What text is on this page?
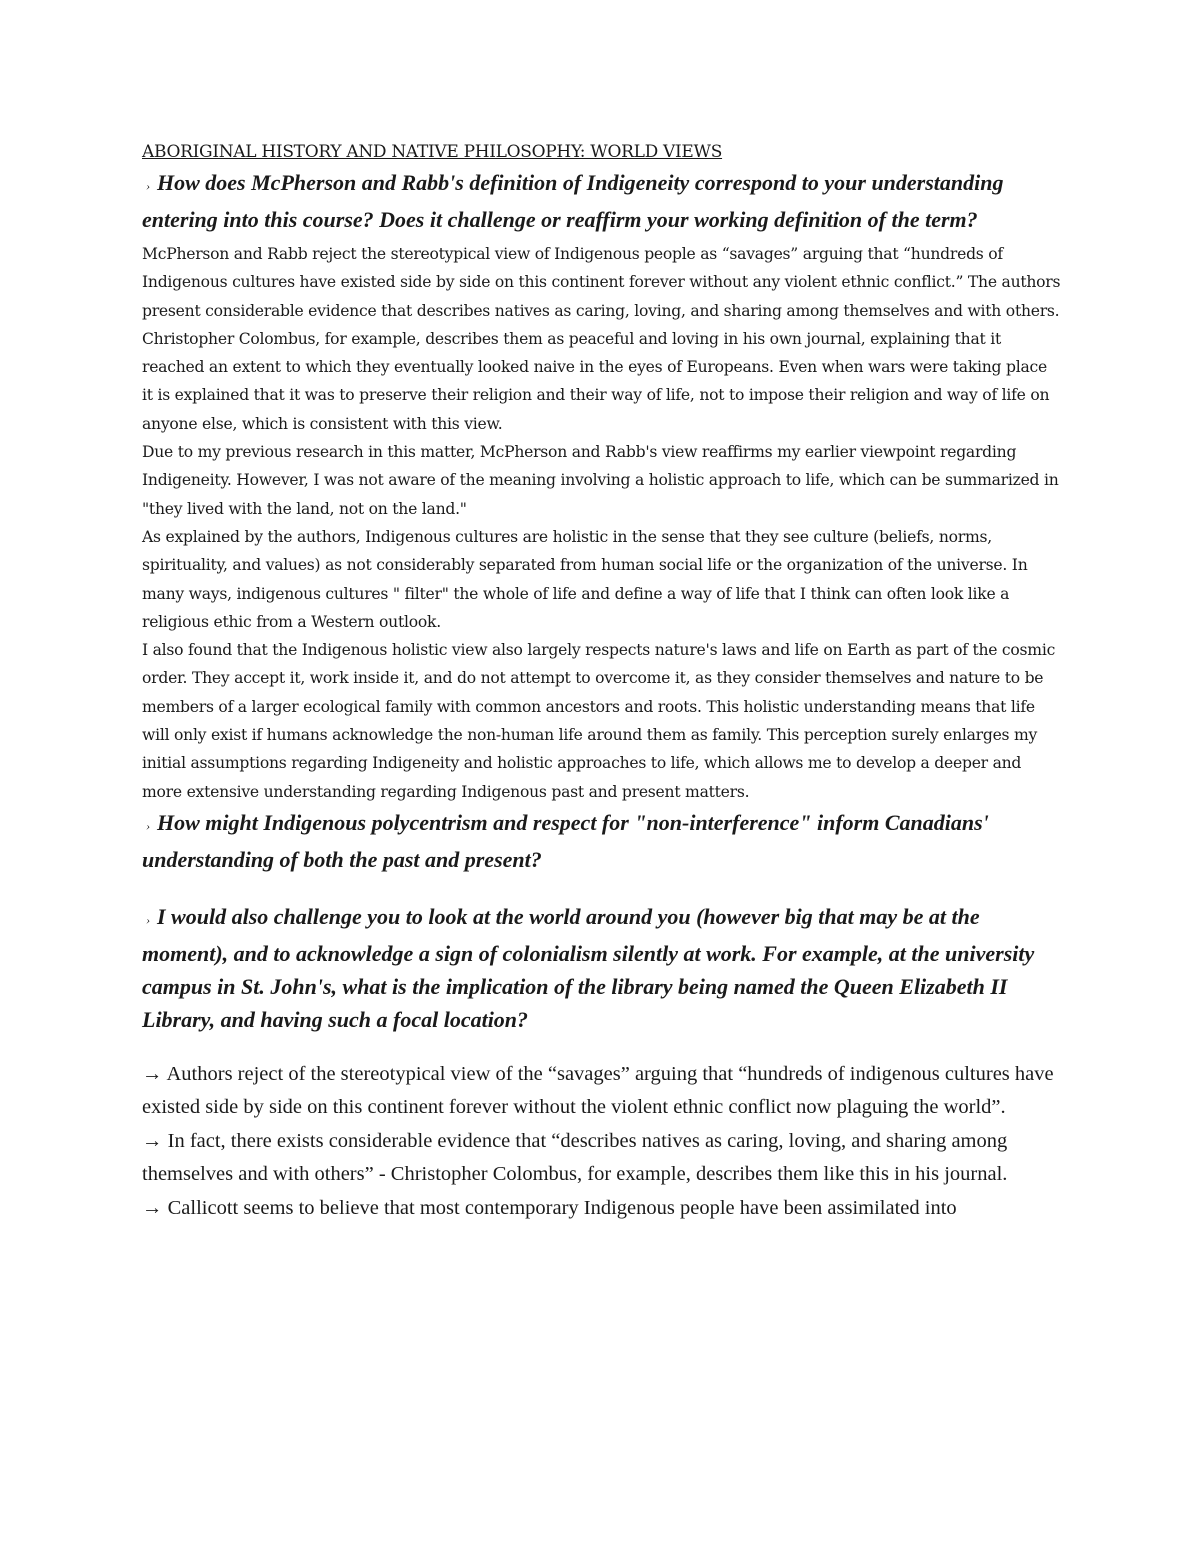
ABORIGINAL HISTORY AND NATIVE PHILOSOPHY: WORLD VIEWS

› How does McPherson and Rabb's definition of Indigeneity correspond to your understanding entering into this course? Does it challenge or reaffirm your working definition of the term?

McPherson and Rabb reject the stereotypical view of Indigenous people as “savages” arguing that “hundreds of Indigenous cultures have existed side by side on this continent forever without any violent ethnic conflict.” The authors present considerable evidence that describes natives as caring, loving, and sharing among themselves and with others. Christopher Colombus, for example, describes them as peaceful and loving in his own journal, explaining that it reached an extent to which they eventually looked naive in the eyes of Europeans. Even when wars were taking place it is explained that it was to preserve their religion and their way of life, not to impose their religion and way of life on anyone else, which is consistent with this view.

Due to my previous research in this matter, McPherson and Rabb's view reaffirms my earlier viewpoint regarding Indigeneity. However, I was not aware of the meaning involving a holistic approach to life, which can be summarized in "they lived with the land, not on the land."

As explained by the authors, Indigenous cultures are holistic in the sense that they see culture (beliefs, norms, spirituality, and values) as not considerably separated from human social life or the organization of the universe. In many ways, indigenous cultures " filter" the whole of life and define a way of life that I think can often look like a religious ethic from a Western outlook.

I also found that the Indigenous holistic view also largely respects nature's laws and life on Earth as part of the cosmic order. They accept it, work inside it, and do not attempt to overcome it, as they consider themselves and nature to be members of a larger ecological family with common ancestors and roots. This holistic understanding means that life will only exist if humans acknowledge the non-human life around them as family. This perception surely enlarges my initial assumptions regarding Indigeneity and holistic approaches to life, which allows me to develop a deeper and more extensive understanding regarding Indigenous past and present matters.

› How might Indigenous polycentrism and respect for "non-interference" inform Canadians' understanding of both the past and present?

› I would also challenge you to look at the world around you (however big that may be at the moment), and to acknowledge a sign of colonialism silently at work. For example, at the university campus in St. John's, what is the implication of the library being named the Queen Elizabeth II Library, and having such a focal location?

→ Authors reject of the stereotypical view of the “savages” arguing that “hundreds of indigenous cultures have existed side by side on this continent forever without the violent ethnic conflict now plaguing the world”.

→ In fact, there exists considerable evidence that “describes natives as caring, loving, and sharing among themselves and with others” - Christopher Colombus, for example, describes them like this in his journal.

→ Callicott seems to believe that most contemporary Indigenous people have been assimilated into
